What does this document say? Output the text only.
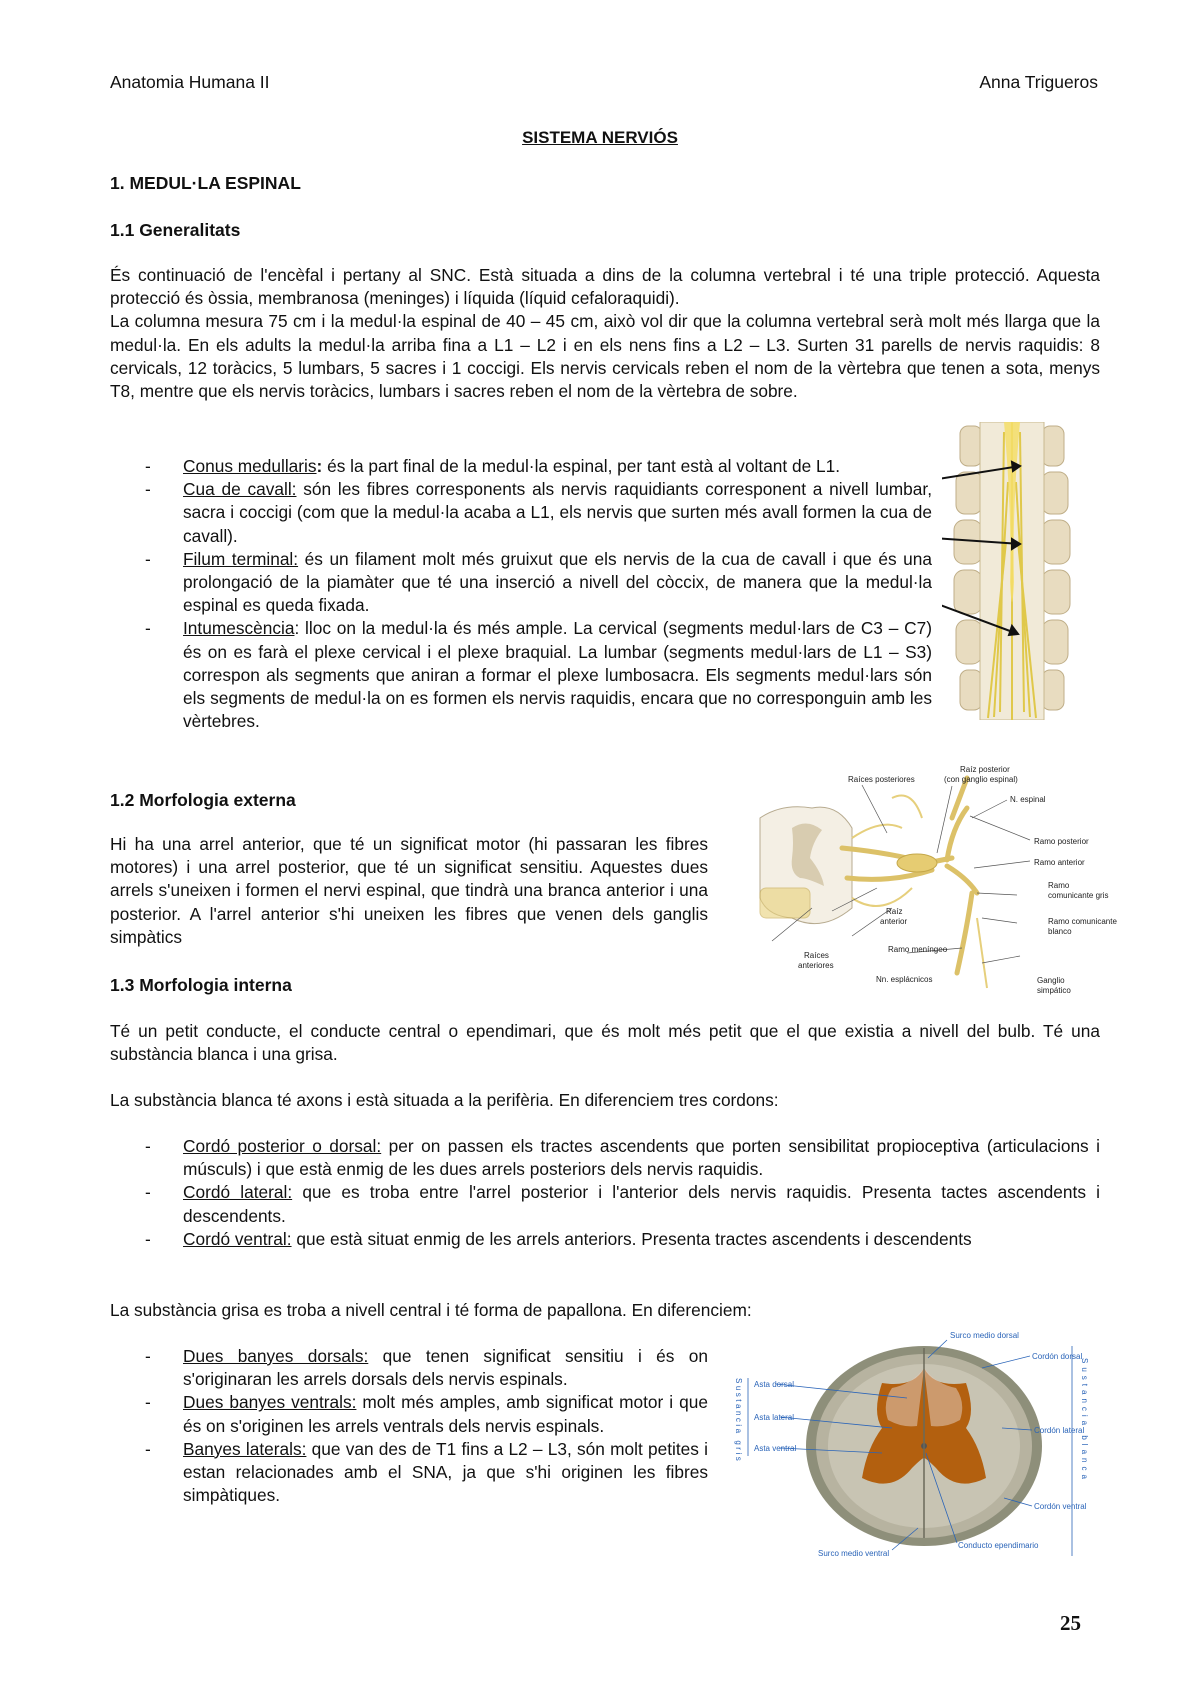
Anatomia Humana II	Anna Trigueros
SISTEMA NERVIÓS
1. MEDUL·LA ESPINAL
1.1 Generalitats

És continuació de l'encèfal i pertany al SNC. Està situada a dins de la columna vertebral i té una triple protecció. Aquesta protecció és òssia, membranosa (meninges) i líquida (líquid cefaloraquidi).

La columna mesura 75 cm i la medul·la espinal de 40 – 45 cm, això vol dir que la columna vertebral serà molt més llarga que la medul·la. En els adults la medul·la arriba fina a L1 – L2 i en els nens fins a L2 – L3. Surten 31 parells de nervis raquidis: 8 cervicals, 12 toràcics, 5 lumbars, 5 sacres i 1 coccigi. Els nervis cervicals reben el nom de la vèrtebra que tenen a sota, menys T8, mentre que els nervis toràcics, lumbars i sacres reben el nom de la vèrtebra de sobre.

- Conus medullaris: és la part final de la medul·la espinal, per tant està al voltant de L1.
- Cua de cavall: són les fibres corresponents als nervis raquidiants corresponent a nivell lumbar, sacra i coccigi (com que la medul·la acaba a L1, els nervis que surten més avall formen la cua de cavall).
- Filum terminal: és un filament molt més gruixut que els nervis de la cua de cavall i que és una prolongació de la piamàter que té una inserció a nivell del còccix, de manera que la medul·la espinal es queda fixada.
- Intumescència: lloc on la medul·la és més ample. La cervical (segments medul·lars de C3 – C7) és on es farà el plexe cervical i el plexe braquial. La lumbar (segments medul·lars de L1 – S3) correspon als segments que aniran a formar el plexe lumbosacra. Els segments medul·lars són els segments de medul·la on es formen els nervis raquidis, encara que no corresponguin amb les vèrtebres.
1.2 Morfologia externa
Hi ha una arrel anterior, que té un significat motor (hi passaran les fibres motores) i una arrel posterior, que té un significat sensitiu. Aquestes dues arrels s'uneixen i formen el nervi espinal, que tindrà una branca anterior i una posterior. A l'arrel anterior s'hi uneixen les fibres que venen dels ganglis simpàtics
Raíces posteriores
Raíz posterior
(con ganglio espinal)
N. espinal
Ramo posterior
Ramo anterior
Ramo
comunicante gris
Ramo comunicante
blanco
Raíz
anterior
Ramo meníngeo
Raíces
anteriores
Nn. esplácnicos	Ganglio
simpático
1.3 Morfologia interna
Té un petit conducte, el conducte central o ependimari, que és molt més petit que el que existia a nivell del bulb. Té una substància blanca i una grisa.
La substància blanca té axons i està situada a la perifèria. En diferenciem tres cordons:
- Cordó posterior o dorsal: per on passen els tractes ascendents que porten sensibilitat propioceptiva (articulacions i músculs) i que està enmig de les dues arrels posteriors dels nervis raquidis.
- Cordó lateral: que es troba entre l'arrel posterior i l'anterior dels nervis raquidis. Presenta tactes ascendents i descendents.
- Cordó ventral: que està situat enmig de les arrels anteriors. Presenta tractes ascendents i descendents
La substància grisa es troba a nivell central i té forma de papallona. En diferenciem:
- Dues banyes dorsals: que tenen significat sensitiu i és on s'originaran les arrels dorsals dels nervis espinals.
- Dues banyes ventrals: molt més amples, amb significat motor i que és on s'originen les arrels ventrals dels nervis espinals.
- Banyes laterals: que van des de T1 fins a L2 – L3, són molt petites i estan relacionades amb el SNA, ja que s'hi originen les fibres simpàtiques.
Surco medio dorsal
Cordón dorsal
Asta dorsal
Asta lateral
Asta ventral
Cordón lateral
Cordón ventral
Surco medio ventral
Conducto ependimario
Sustancia gris	Sustancia blanca
25
